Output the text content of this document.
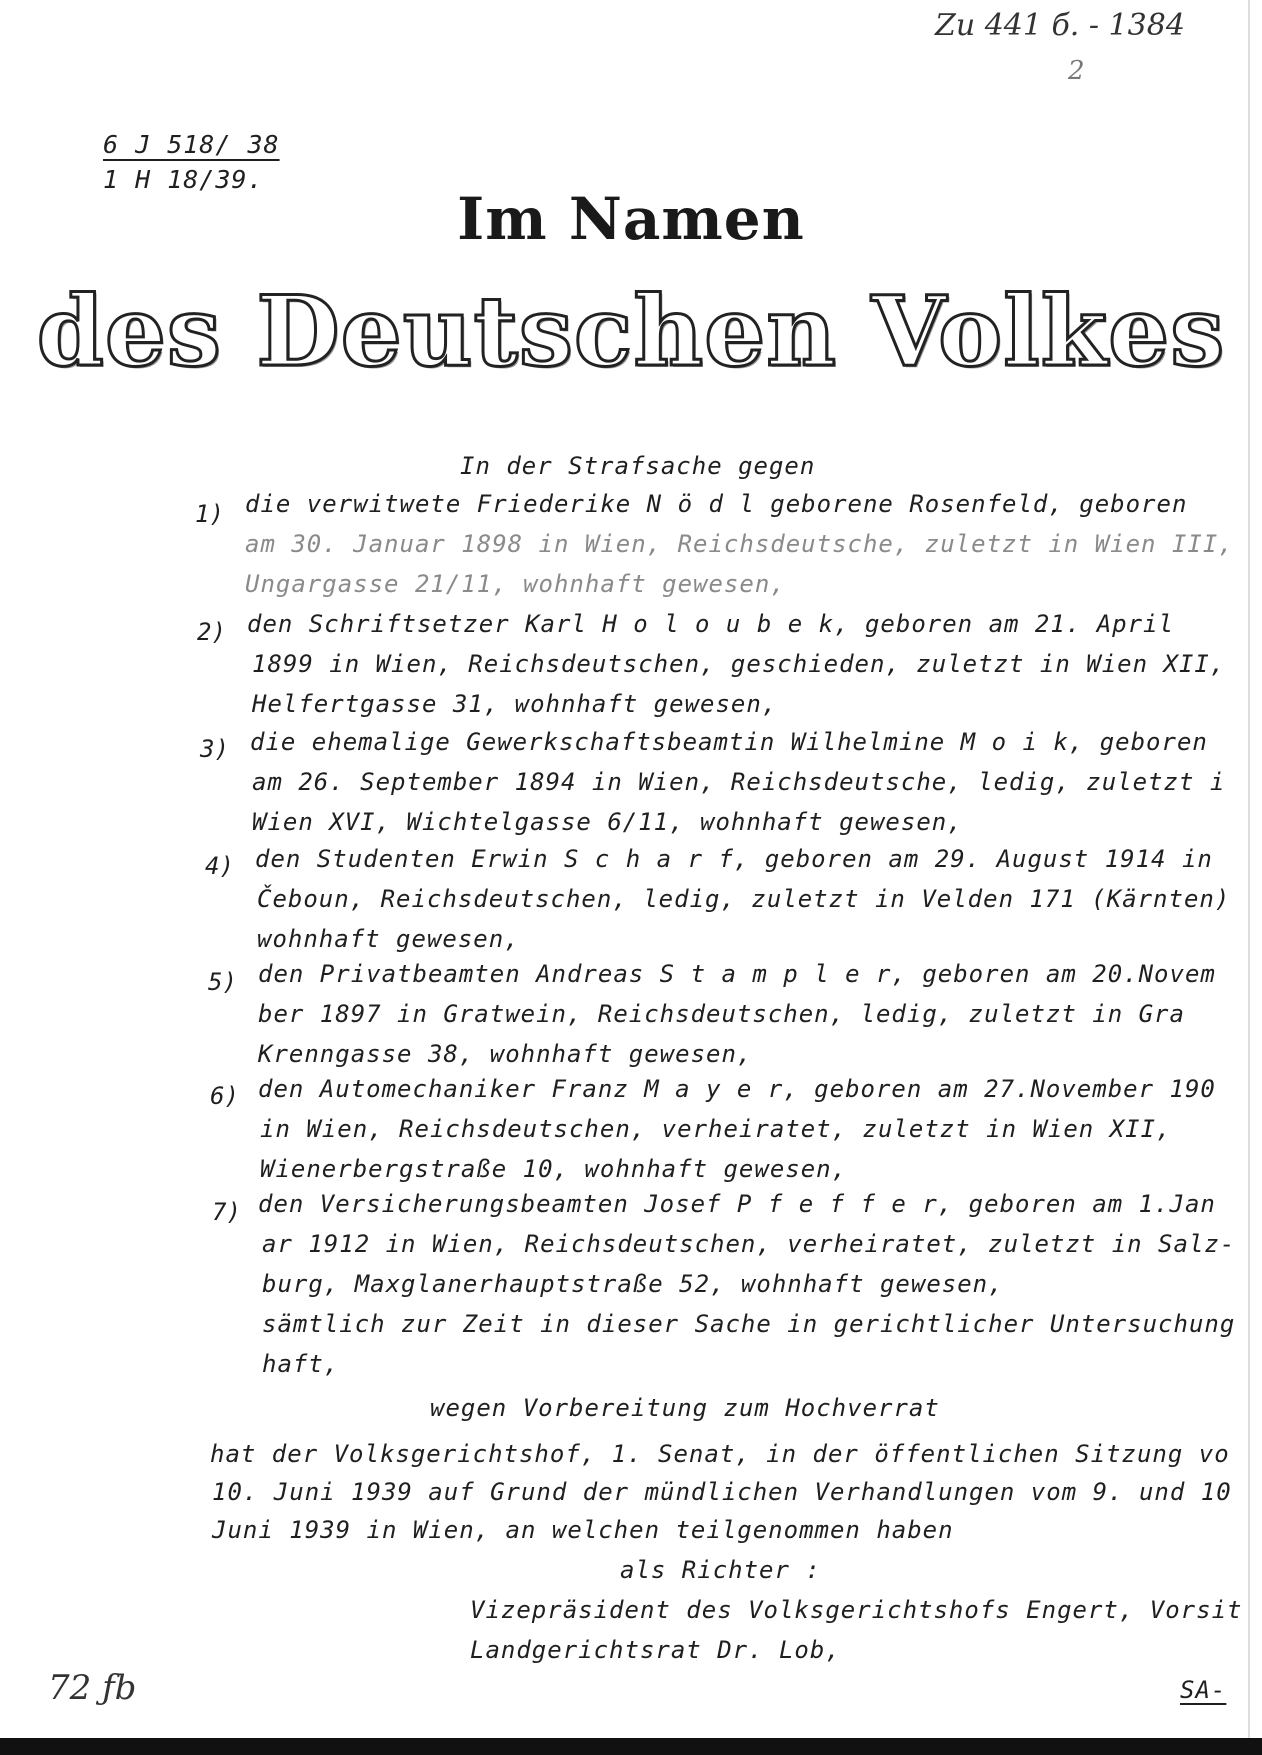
Zu 441 б. - 1384
2
6 J 518/ 38
1 H 18/39.
Im Namen
des Deutschen Volkes
In der Strafsache gegen
1) die verwitwete Friederike N ö d l geborene Rosenfeld, geboren
am 30. Januar 1898 in Wien, Reichsdeutsche, zuletzt in Wien III,
Ungargasse 21/11, wohnhaft gewesen,
2) den Schriftsetzer Karl H o l o u b e k, geboren am 21. April
1899 in Wien, Reichsdeutschen, geschieden, zuletzt in Wien XII,
Helfertgasse 31, wohnhaft gewesen,
3) die ehemalige Gewerkschaftsbeamtin Wilhelmine M o i k, geboren
am 26. September 1894 in Wien, Reichsdeutsche, ledig, zuletzt i
Wien XVI, Wichtelgasse 6/11, wohnhaft gewesen,
4) den Studenten Erwin S c h a r f, geboren am 29. August 1914 in
Čeboun, Reichsdeutschen, ledig, zuletzt in Velden 171 (Kärnten)
wohnhaft gewesen,
5) den Privatbeamten Andreas S t a m p l e r, geboren am 20.Novem
ber 1897 in Gratwein, Reichsdeutschen, ledig, zuletzt in Gra
Krenngasse 38, wohnhaft gewesen,
6) den Automechaniker Franz M a y e r, geboren am 27.November 190
in Wien, Reichsdeutschen, verheiratet, zuletzt in Wien XII,
Wienerbergstraße 10, wohnhaft gewesen,
7) den Versicherungsbeamten Josef P f e f f e r, geboren am 1.Jan
ar 1912 in Wien, Reichsdeutschen, verheiratet, zuletzt in Salz-
burg, Maxglanerhauptstraße 52, wohnhaft gewesen,
sämtlich zur Zeit in dieser Sache in gerichtlicher Untersuchung
haft,
wegen Vorbereitung zum Hochverrat
hat der Volksgerichtshof, 1. Senat, in der öffentlichen Sitzung vo
10. Juni 1939 auf Grund der mündlichen Verhandlungen vom 9. und 10
Juni 1939 in Wien, an welchen teilgenommen haben
als Richter :
Vizepräsident des Volksgerichtshofs Engert, Vorsit
Landgerichtsrat Dr. Lob,
SA-
72 ƒb
